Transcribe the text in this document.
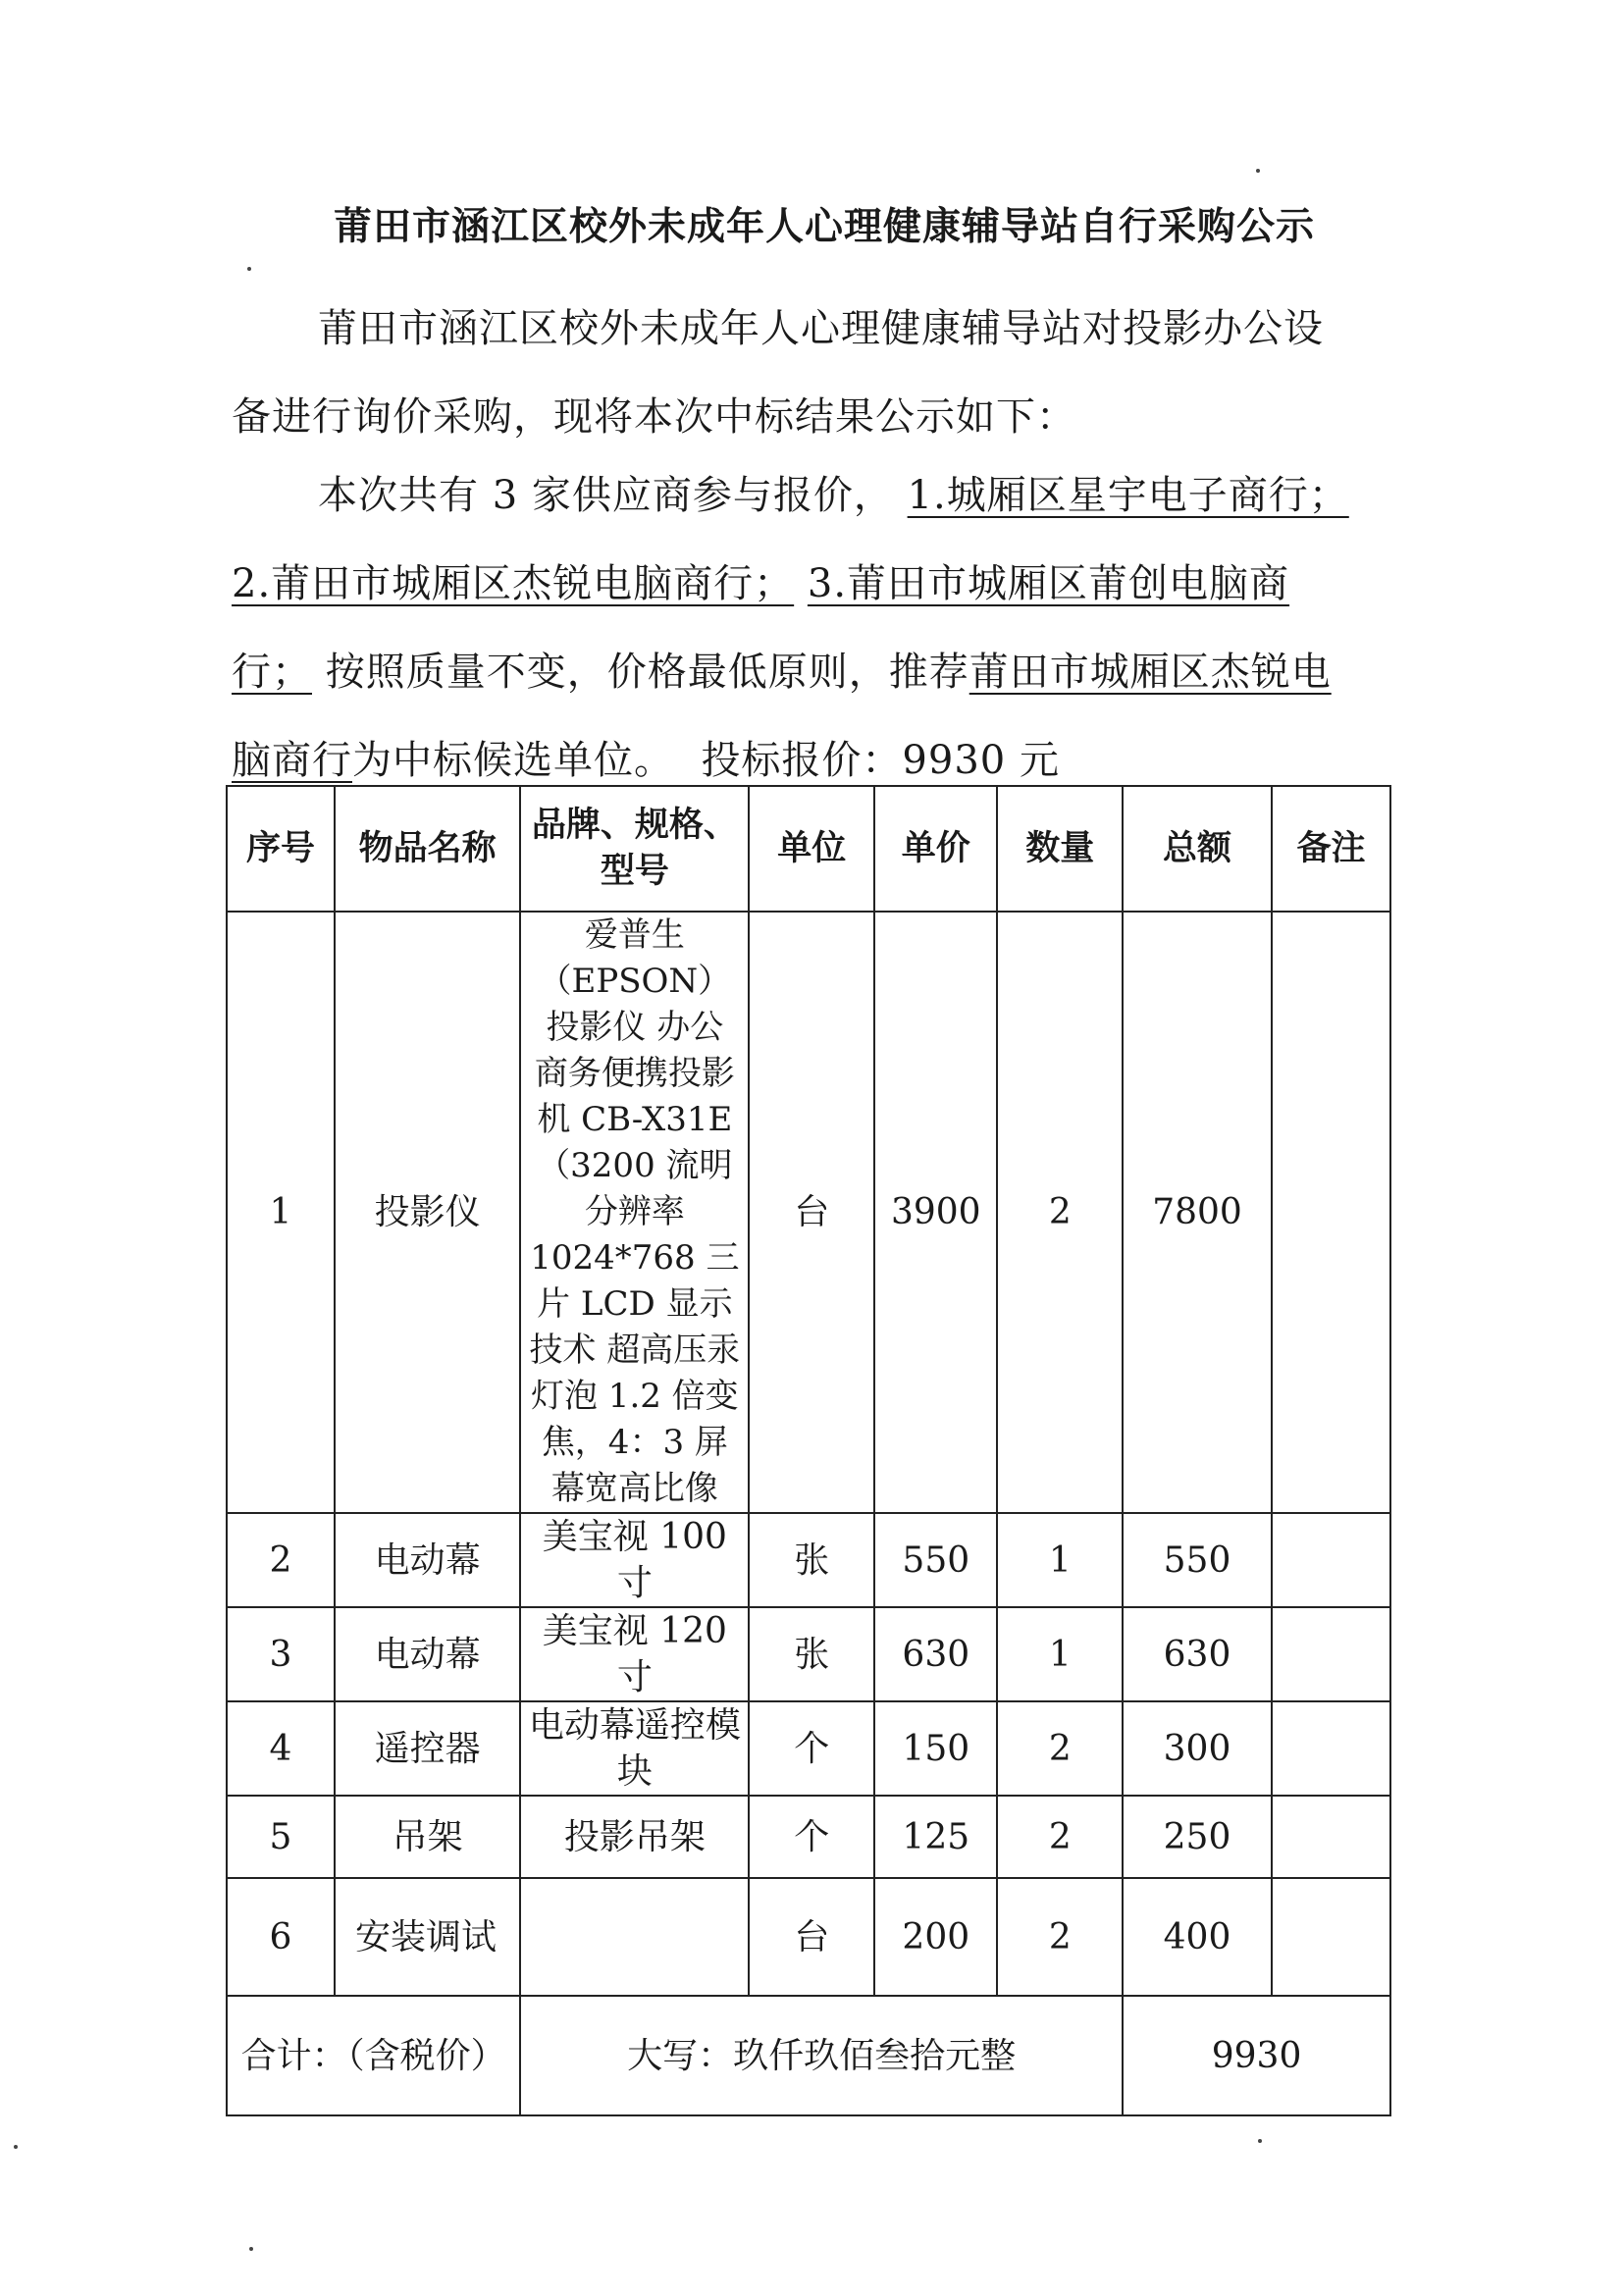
莆田市涵江区校外未成年人心理健康辅导站自行采购公示
莆田市涵江区校外未成年人心理健康辅导站对投影办公设备进行询价采购，现将本次中标结果公示如下：
本次共有 3 家供应商参与报价， 1.城厢区星宇电子商行； 2.莆田市城厢区杰锐电脑商行； 3.莆田市城厢区莆创电脑商行； 按照质量不变，价格最低原则，推荐莆田市城厢区杰锐电脑商行为中标候选单位。 投标报价：9930 元
序号	物品名称	品牌、规格、型号	单位	单价	数量	总额	备注
1	投影仪	爱普生（EPSON）投影仪 办公 商务便携投影机 CB-X31E（3200 流明 分辨率 1024*768 三片 LCD 显示技术 超高压汞灯泡 1.2 倍变焦，4：3 屏幕宽高比像	台	3900	2	7800	
2	电动幕	美宝视 100 寸	张	550	1	550	
3	电动幕	美宝视 120 寸	张	630	1	630	
4	遥控器	电动幕遥控模块	个	150	2	300	
5	吊架	投影吊架	个	125	2	250	
6	安装调试		台	200	2	400	
合计：（含税价）		大写：玖仟玖佰叁拾元整				9930	
